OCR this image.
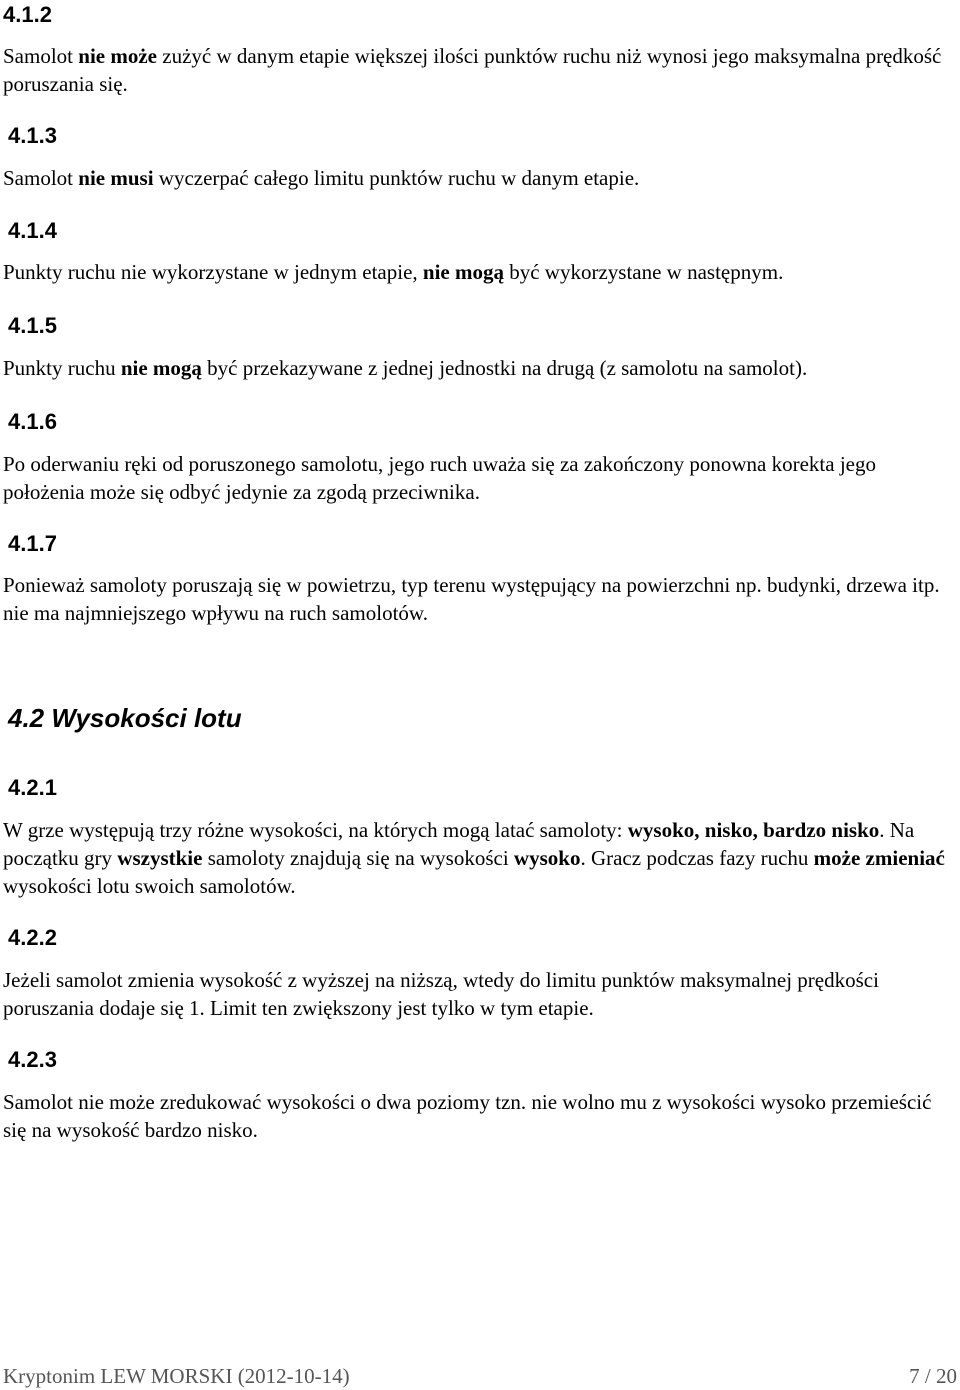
4.1.2

Samolot nie może zużyć w danym etapie większej ilości punktów ruchu niż wynosi jego maksymalna prędkość poruszania się.

4.1.3

Samolot nie musi wyczerpać całego limitu punktów ruchu w danym etapie.

4.1.4

Punkty ruchu nie wykorzystane w jednym etapie, nie mogą być wykorzystane w następnym.

4.1.5

Punkty ruchu nie mogą być przekazywane z jednej jednostki na drugą (z samolotu na samolot).

4.1.6

Po oderwaniu ręki od poruszonego samolotu, jego ruch uważa się za zakończony ponowna korekta jego położenia może się odbyć jedynie za zgodą przeciwnika.

4.1.7

Ponieważ samoloty poruszają się w powietrzu, typ terenu występujący na powierzchni np. budynki, drzewa itp. nie ma najmniejszego wpływu na ruch samolotów.

4.2 Wysokości lotu
4.2.1

W grze występują trzy różne wysokości, na których mogą latać samoloty: wysoko, nisko, bardzo nisko. Na początku gry wszystkie samoloty znajdują się na wysokości wysoko. Gracz podczas fazy ruchu może zmieniać wysokości lotu swoich samolotów.

4.2.2

Jeżeli samolot zmienia wysokość z wyższej na niższą, wtedy do limitu punktów maksymalnej prędkości poruszania dodaje się 1. Limit ten zwiększony jest tylko w tym etapie.

4.2.3

Samolot nie może zredukować wysokości o dwa poziomy tzn. nie wolno mu z wysokości wysoko przemieścić się na wysokość bardzo nisko.

Kryptonim LEW MORSKI (2012-10-14)	7 / 20
